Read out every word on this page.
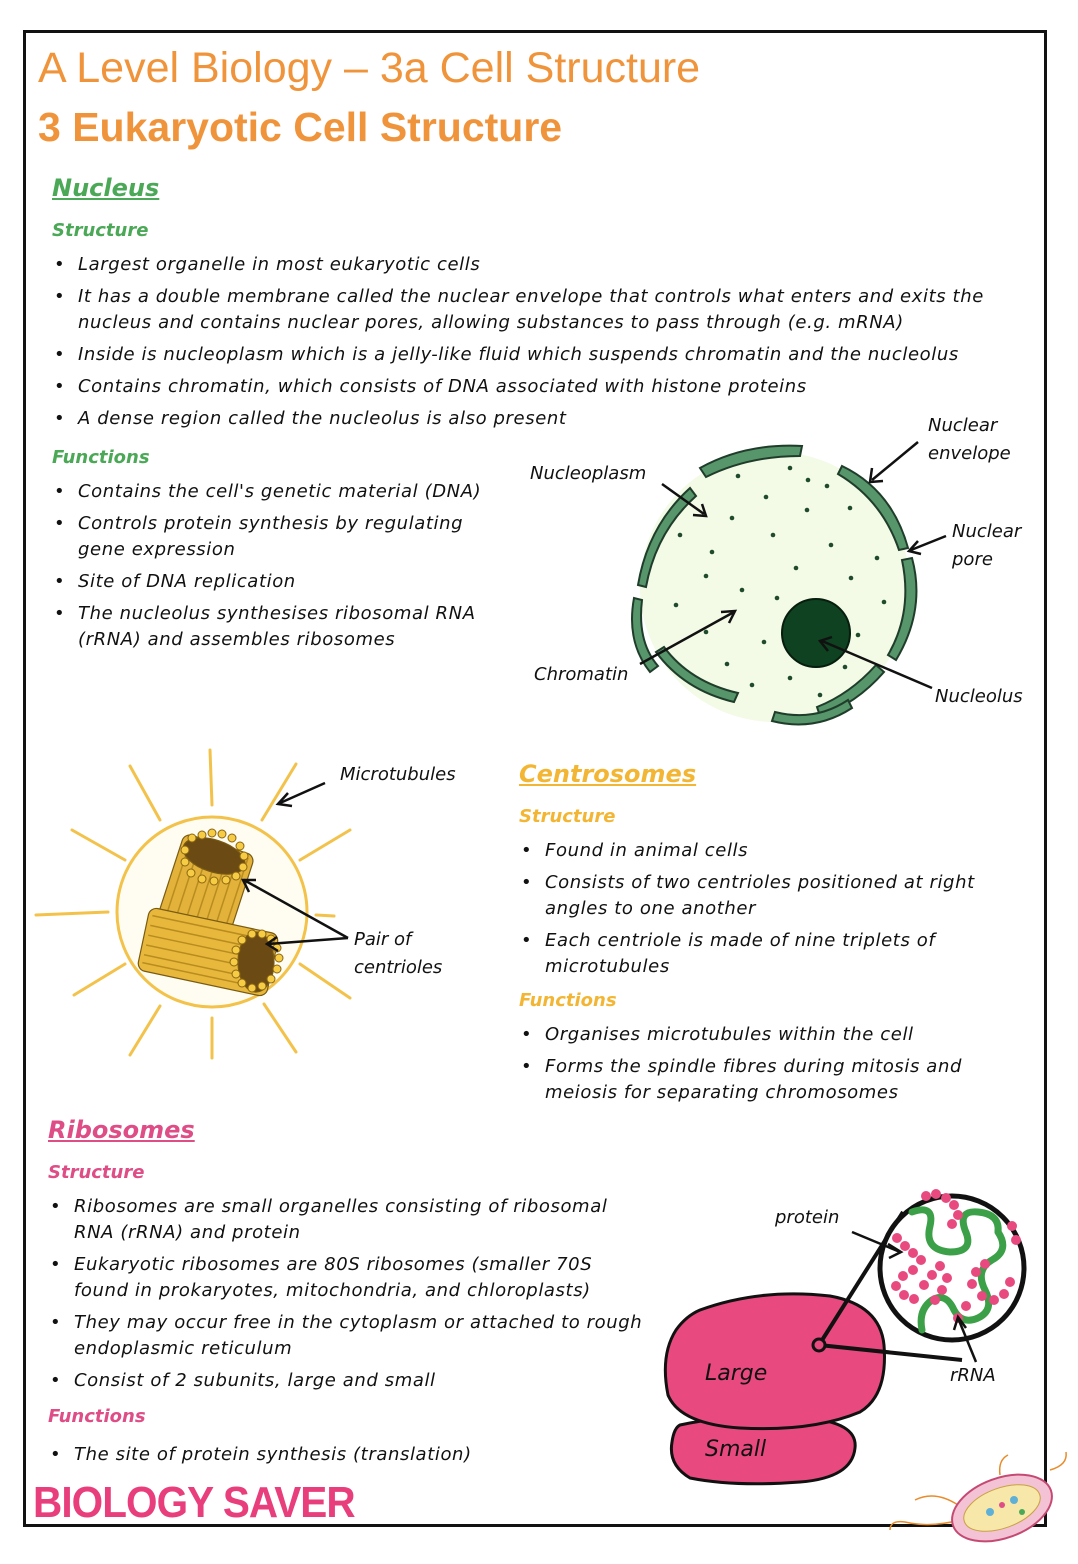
A Level Biology – 3a Cell Structure
3 Eukaryotic Cell Structure
Nucleus
Structure
• Largest organelle in most eukaryotic cells
• It has a double membrane called the nuclear envelope that controls what enters and exits the nucleus and contains nuclear pores, allowing substances to pass through (e.g. mRNA)
• Inside is nucleoplasm which is a jelly-like fluid which suspends chromatin and the nucleolus
• Contains chromatin, which consists of DNA associated with histone proteins
• A dense region called the nucleolus is also present
Functions
• Contains the cell's genetic material (DNA)
• Controls protein synthesis by regulating gene expression
• Site of DNA replication
• The nucleolus synthesises ribosomal RNA (rRNA) and assembles ribosomes
Nuclear envelope
Nucleoplasm
Nuclear pore
Chromatin
Nucleolus
Microtubules
Pair of centrioles
Centrosomes
Structure
• Found in animal cells
• Consists of two centrioles positioned at right angles to one another
• Each centriole is made of nine triplets of microtubules
Functions
• Organises microtubules within the cell
• Forms the spindle fibres during mitosis and meiosis for separating chromosomes
Ribosomes
Structure
• Ribosomes are small organelles consisting of ribosomal RNA (rRNA) and protein
• Eukaryotic ribosomes are 80S ribosomes (smaller 70S found in prokaryotes, mitochondria, and chloroplasts)
• They may occur free in the cytoplasm or attached to rough endoplasmic reticulum
• Consist of 2 subunits, large and small
Functions
• The site of protein synthesis (translation)
Large
Small
protein
rRNA
BIOLOGY SAVER
